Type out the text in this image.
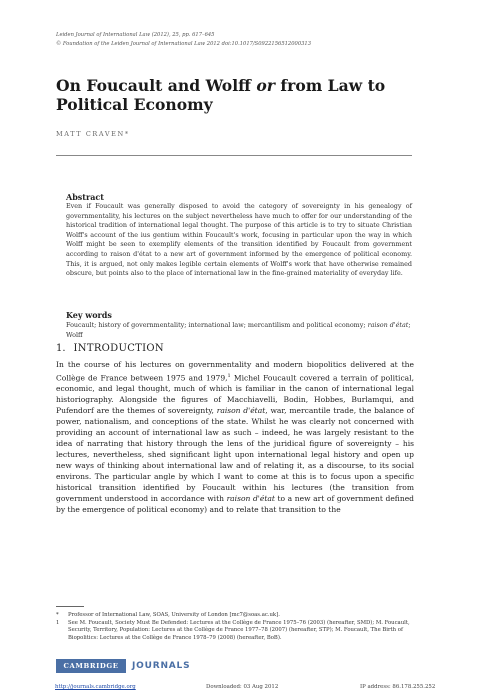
Leiden Journal of International Law (2012), 25, pp. 617–645
© Foundation of the Leiden Journal of International Law 2012 doi:10.1017/S0922156512000313
On Foucault and Wolff or from Law to
Political Economy
MATT CRAVEN*
Abstract
Even if Foucault was generally disposed to avoid the category of sovereignty in his genealogy of governmentality, his lectures on the subject nevertheless have much to offer for our understanding of the historical tradition of international legal thought. The purpose of this article is to try to situate Christian Wolff's account of the ius gentium within Foucault's work, focusing in particular upon the way in which Wolff might be seen to exemplify elements of the transition identified by Foucault from government according to raison d'état to a new art of government informed by the emergence of political economy. This, it is argued, not only makes legible certain elements of Wolff's work that have otherwise remained obscure, but points also to the place of international law in the fine-grained materiality of everyday life.
Key words
Foucault; history of governmentality; international law; mercantilism and political economy; raison d'état; Wolff
1. INTRODUCTION

In the course of his lectures on governmentality and modern biopolitics delivered at the Collège de France between 1975 and 1979,$^1$ Michel Foucault covered a terrain of political, economic, and legal thought, much of which is familiar in the canon of international legal historiography. Alongside the figures of Macchiavelli, Bodin, Hobbes, Burlamqui, and Pufendorf are the themes of sovereignty, raison d'état, war, mercantile trade, the balance of power, nationalism, and conceptions of the state. Whilst he was clearly not concerned with providing an account of international law as such – indeed, he was largely resistant to the idea of narrating that history through the lens of the juridical figure of sovereignty – his lectures, nevertheless, shed significant light upon international legal history and open up new ways of thinking about international law and of relating it, as a discourse, to its social environs. The particular angle by which I want to come at this is to focus upon a specific historical transition identified by Foucault within his lectures (the transition from government understood in accordance with raison d'état to a new art of government defined by the emergence of political economy) and to relate that transition to the

*	Professor of International Law, SOAS, University of London [mc7@soas.ac.uk].
1	See M. Foucault, Society Must Be Defended: Lectures at the Collège de France 1975–76 (2003) (hereafter, SMD); M. Foucault, Security, Territory, Population: Lectures at the Collège de France 1977–78 (2007) (hereafter, STP); M. Foucault, The Birth of Biopolitics: Lectures at the Collège de France 1978–79 (2008) (hereafter, BoB).
CAMBRIDGE	JOURNALS
http://journals.cambridge.org	Downloaded: 03 Aug 2012	IP address: 86.178.255.252
